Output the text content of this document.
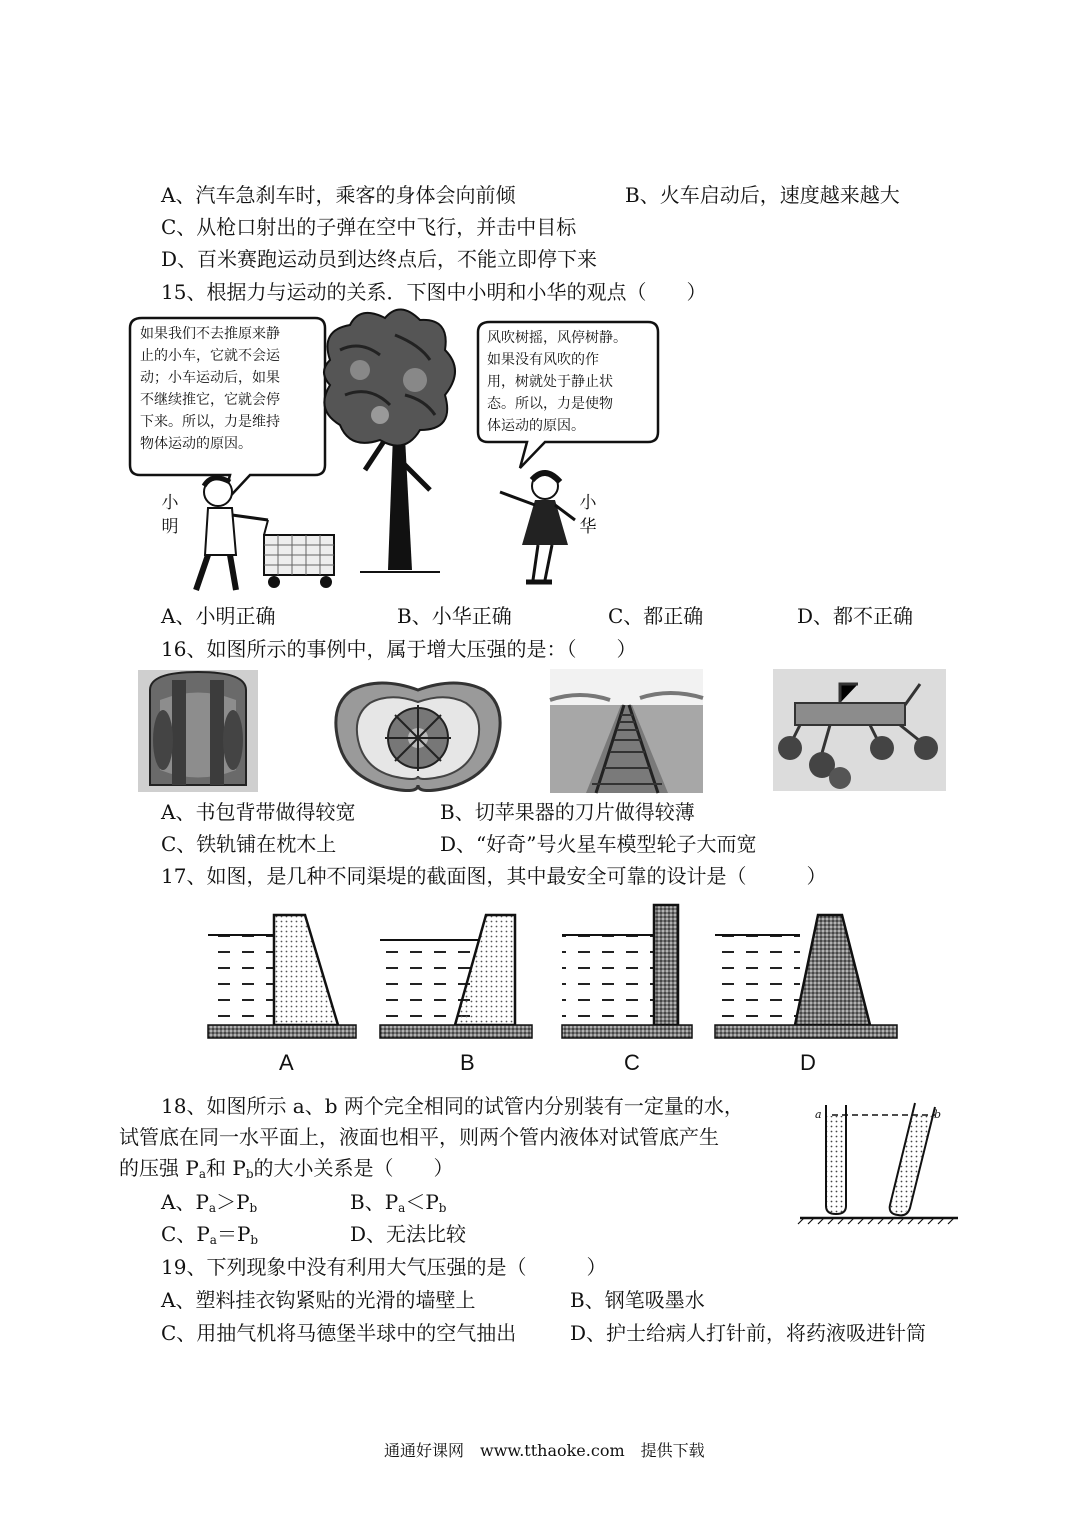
A、汽车急刹车时，乘客的身体会向前倾	B、火车启动后，速度越来越大
C、从枪口射出的子弹在空中飞行，并击中目标
D、百米赛跑运动员到达终点后，不能立即停下来
15、根据力与运动的关系．下图中小明和小华的观点（　　）
如果我们不去推原来静
止的小车，它就不会运
动；小车运动后，如果
不继续推它，它就会停
下来。所以，力是维持
物体运动的原因。
风吹树摇，风停树静。
如果没有风吹的作
用，树就处于静止状
态。所以，力是使物
体运动的原因。
小
明
小
华
A、小明正确	B、小华正确	C、都正确	D、都不正确
16、如图所示的事例中，属于增大压强的是：（　　）
A、书包背带做得较宽	B、切苹果器的刀片做得较薄
C、铁轨铺在枕木上	D、“好奇”号火星车模型轮子大而宽
17、如图，是几种不同渠堤的截面图，其中最安全可靠的设计是（　　　）
A	B	C	D
18、如图所示 a、b 两个完全相同的试管内分别装有一定量的水，
试管底在同一水平面上，液面也相平，则两个管内液体对试管底产生
的压强 $P_a$和 $P_b$的大小关系是（　　）
A、$P_a>P_b$	B、$P_a<P_b$
C、$P_a=P_b$	D、无法比较
a	b
19、下列现象中没有利用大气压强的是（　　　）
A、塑料挂衣钩紧贴的光滑的墙壁上	B、钢笔吸墨水
C、用抽气机将马德堡半球中的空气抽出	D、护士给病人打针前，将药液吸进针筒
通通好课网　www.tthaoke.com　提供下载
